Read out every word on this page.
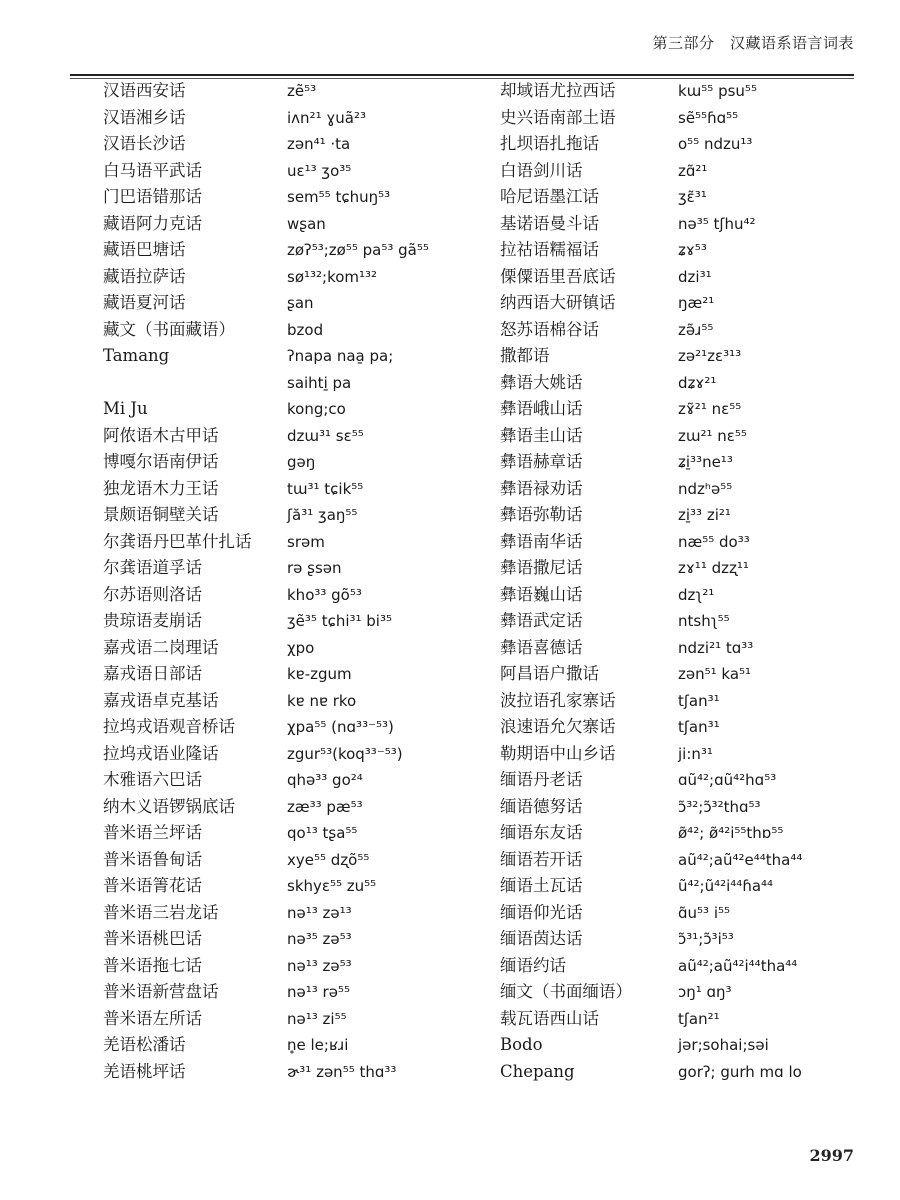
第三部分　汉藏语系语言词表
汉语西安话	zẽ⁵³
汉语湘乡话	iʌn²¹ ɣuã²³
汉语长沙话	zən⁴¹ ·ta
白马语平武话	uɛ¹³ ʒo³⁵
门巴语错那话	sem⁵⁵ tɕhuŋ⁵³
藏语阿力克话	wʂan
藏语巴塘话	zøʔ⁵³;zø⁵⁵ pa⁵³ gã⁵⁵
藏语拉萨话	sø¹³²;kom¹³²
藏语夏河话	ʂan
藏文（书面藏语）	bzod
Tamang	ʔnapa naa̱ pa;
saihti̱ pa
Mi Ju	kong;co
阿侬语木古甲话	dzɯ³¹ sɛ⁵⁵
博嘎尔语南伊话	gəŋ
独龙语木力王话	tɯ³¹ tɕik⁵⁵
景颇语铜壁关话	ʃă³¹ ʒaŋ⁵⁵
尔龚语丹巴革什扎话 srəm
尔龚语道孚话	rə ʂsən
尔苏语则洛话	kho³³ gõ⁵³
贵琼语麦崩话	ʒẽ³⁵ tɕhi³¹ bi³⁵
嘉戎语二岗理话	χpo
嘉戎语日部话	kɐ-zgum
嘉戎语卓克基话	kɐ nɐ rko
拉坞戎语观音桥话	χpa⁵⁵ (nɑ³³⁻⁵³)
拉坞戎语业隆话	zgur⁵³(koq³³⁻⁵³)
木雅语六巴话	qhə³³ go²⁴
纳木义语锣锅底话	zæ³³ pæ⁵³
普米语兰坪话	qo¹³ tʂa⁵⁵
普米语鲁甸话	xye⁵⁵ dʐõ⁵⁵
普米语箐花话	skhyɛ⁵⁵ zu⁵⁵
普米语三岩龙话	nə¹³ zə¹³
普米语桃巴话	nə³⁵ zə⁵³
普米语拖七话	nə¹³ zə⁵³
普米语新营盘话	nə¹³ rə⁵⁵
普米语左所话	nə¹³ zi⁵⁵
羌语松潘话	n̥e le;ʁɹi
羌语桃坪话	ɚ³¹ zən⁵⁵ thɑ³³
却域语尤拉西话	kɯ⁵⁵ psu⁵⁵
史兴语南部土语	sẽ⁵⁵ɦɑ⁵⁵
扎坝语扎拖话	o⁵⁵ ndzu¹³
白语剑川话	zɑ̃²¹
哈尼语墨江话	ʒɛ̃³¹
基诺语曼斗话	nə³⁵ tʃhu⁴²
拉祜语糯福话	ʑɤ⁵³
傈僳语里吾底话	dzi³¹
纳西语大研镇话	ŋæ²¹
怒苏语棉谷话	zə̃ɹ⁵⁵
撒都语	zə²¹zɛ³¹³
彝语大姚话	dʑɤ²¹
彝语峨山话	zɤ̃²¹ nɛ⁵⁵
彝语圭山话	zɯ²¹ nɛ⁵⁵
彝语赫章话	ʑi̱³³ne¹³
彝语禄劝话	ndzʰə⁵⁵
彝语弥勒话	zi̱³³ zi²¹
彝语南华话	næ⁵⁵ do³³
彝语撒尼话	zɤ¹¹ dzʐ¹¹
彝语巍山话	dzʅ²¹
彝语武定话	ntshʅ⁵⁵
彝语喜德话	ndzi²¹ tɑ³³
阿昌语户撒话	zən⁵¹ ka⁵¹
波拉语孔家寨话	tʃan³¹
浪速语允欠寨话	tʃan³¹
勒期语中山乡话	ji:n³¹
缅语丹老话	ɑũ⁴²;ɑũ⁴²hɑ⁵³
缅语德努话	ɔ̃³²;ɔ̃³²thɑ⁵³
缅语东友话	ø̃⁴²; ø̃⁴²i⁵⁵thɒ⁵⁵
缅语若开话	aũ⁴²;aũ⁴²e⁴⁴tha⁴⁴
缅语土瓦话	ũ⁴²;ũ⁴²i⁴⁴ɦa⁴⁴
缅语仰光话	ɑ̃u⁵³ i⁵⁵
缅语茵达话	ɔ̃³¹;ɔ̃³i⁵³
缅语约话	aũ⁴²;aũ⁴²i⁴⁴tha⁴⁴
缅文（书面缅语）	ɔŋ¹ ɑŋ³
载瓦语西山话	tʃan²¹
Bodo	jər;sohai;səi
Chepang	gorʔ; gurh mɑ lo
2997
